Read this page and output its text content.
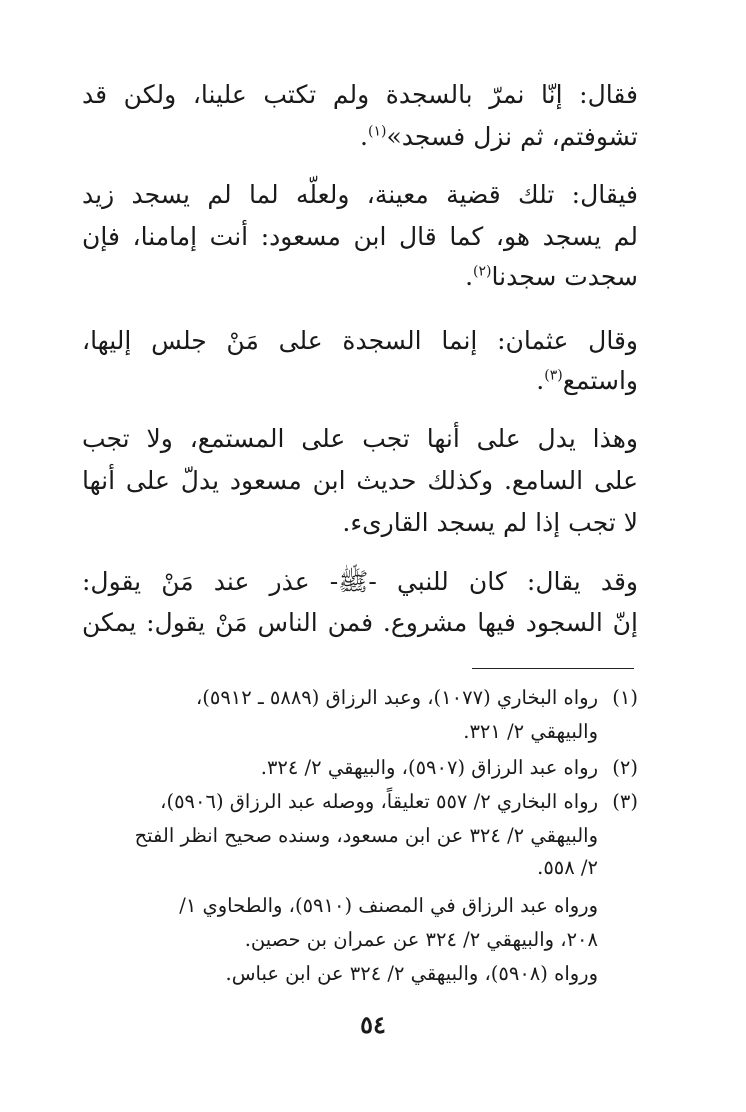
فقال: إنّا نمرّ بالسجدة ولم تكتب علينا، ولكن قد
تشوفتم، ثم نزل فسجد»$^{(١)}$.
فيقال: تلك قضية معينة، ولعلّه لما لم يسجد زيد
لم يسجد هو، كما قال ابن مسعود: أنت إمامنا، فإن
سجدت سجدنا$^{(٢)}$.
وقال عثمان: إنما السجدة على مَنْ جلس إليها،
واستمع$^{(٣)}$.
وهذا يدل على أنها تجب على المستمع، ولا تجب
على السامع. وكذلك حديث ابن مسعود يدلّ على أنها
لا تجب إذا لم يسجد القارىء.
وقد يقال: كان للنبي -ﷺ- عذر عند مَنْ يقول:
إنّ السجود فيها مشروع. فمن الناس مَنْ يقول: يمكن
(١)
رواه البخاري (١٠٧٧)، وعبد الرزاق (٥٨٨٩ ـ ٥٩١٢)،
والبيهقي ٢/ ٣٢١.
(٢)
رواه عبد الرزاق (٥٩٠٧)، والبيهقي ٢/ ٣٢٤.
(٣)
رواه البخاري ٢/ ٥٥٧ تعليقاً، ووصله عبد الرزاق (٥٩٠٦)،
والبيهقي ٢/ ٣٢٤ عن ابن مسعود، وسنده صحيح انظر الفتح
٢/ ٥٥٨.
ورواه عبد الرزاق في المصنف (٥٩١٠)، والطحاوي ١/
٢٠٨، والبيهقي ٢/ ٣٢٤ عن عمران بن حصين.
ورواه (٥٩٠٨)، والبيهقي ٢/ ٣٢٤ عن ابن عباس.
٥٤
